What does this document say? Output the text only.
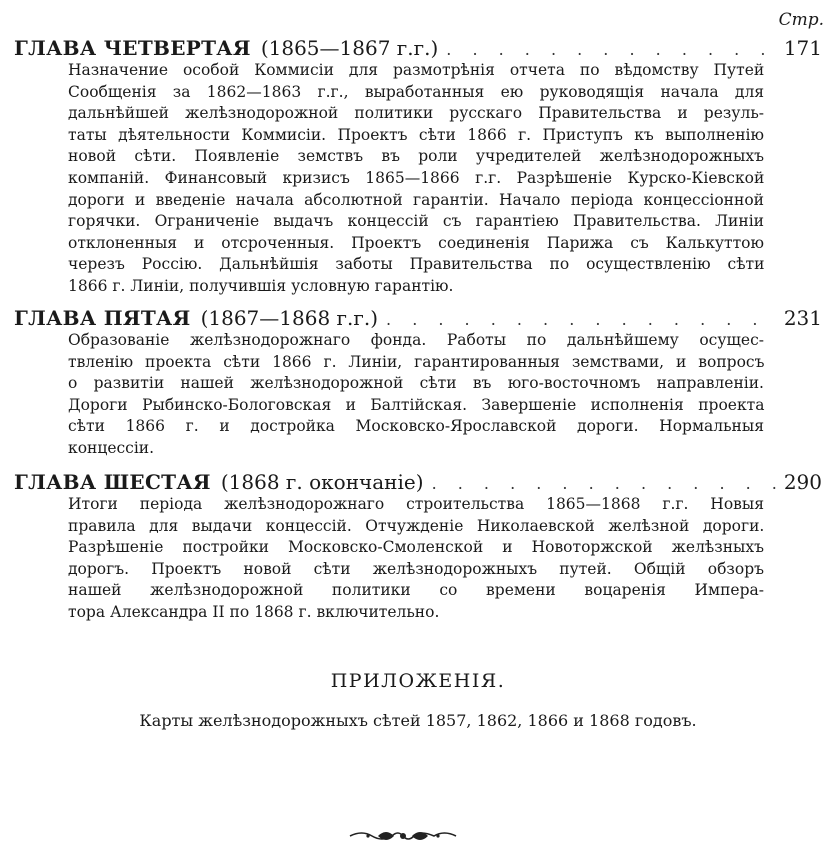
Стр.
ГЛАВА ЧЕТВЕРТАЯ (1865—1867 г.г.) . . .	171
Назначение особой Коммисiи для размотрѣнiя отчета по вѣдомству Путей
Сообщенiя за 1862—1863 г.г., выработанныя ею руководящiя начала для
дальнѣйшей желѣзнодорожной политики русскаго Правительства и резуль-
таты дѣятельности Коммисiи. Проектъ сѣти 1866 г. Приступъ къ выполненiю
новой сѣти. Появленiе земствъ въ роли учредителей желѣзнодорожныхъ
компанiй. Финансовый кризисъ 1865—1866 г.г. Разрѣшенiе Курско-Кiевской
дороги и введенiе начала абсолютной гарантiи. Начало перiода концессiонной
горячки. Ограниченiе выдачъ концессiй съ гарантiею Правительства. Линiи
отклоненныя и отсроченныя. Проектъ соединенiя Парижа съ Калькуттою
черезъ Россiю. Дальнѣйшiя заботы Правительства по осуществленiю сѣти
1866 г. Линiи, получившiя условную гарантiю.
ГЛАВА ПЯТАЯ (1867—1868 г.г.) . . .	231
Образованiе желѣзнодорожнаго фонда. Работы по дальнѣйшему осущес-
твленiю проекта сѣти 1866 г. Линiи, гарантированныя земствами, и вопросъ
о развитiи нашей желѣзнодорожной сѣти въ юго-восточномъ направленiи.
Дороги Рыбинско-Бологовская и Балтiйская. Завершенiе исполненiя проекта
сѣти 1866 г. и достройка Московско-Ярославской дороги. Нормальныя
концессiи.
ГЛАВА ШЕСТАЯ (1868 г. окончанiе) . . .	290
Итоги перiода желѣзнодорожнаго строительства 1865—1868 г.г. Новыя
правила для выдачи концессiй. Отчужденiе Николаевской желѣзной дороги.
Разрѣшенiе постройки Московско-Смоленской и Новоторжской желѣзныхъ
дорогъ. Проектъ новой сѣти желѣзнодорожныхъ путей. Общiй обзоръ
нашей желѣзнодорожной политики со времени воцаренiя Импера-
тора Александра II по 1868 г. включительно.
ПРИЛОЖЕНIЯ.
Карты желѣзнодорожныхъ сѣтей 1857, 1862, 1866 и 1868 годовъ.
